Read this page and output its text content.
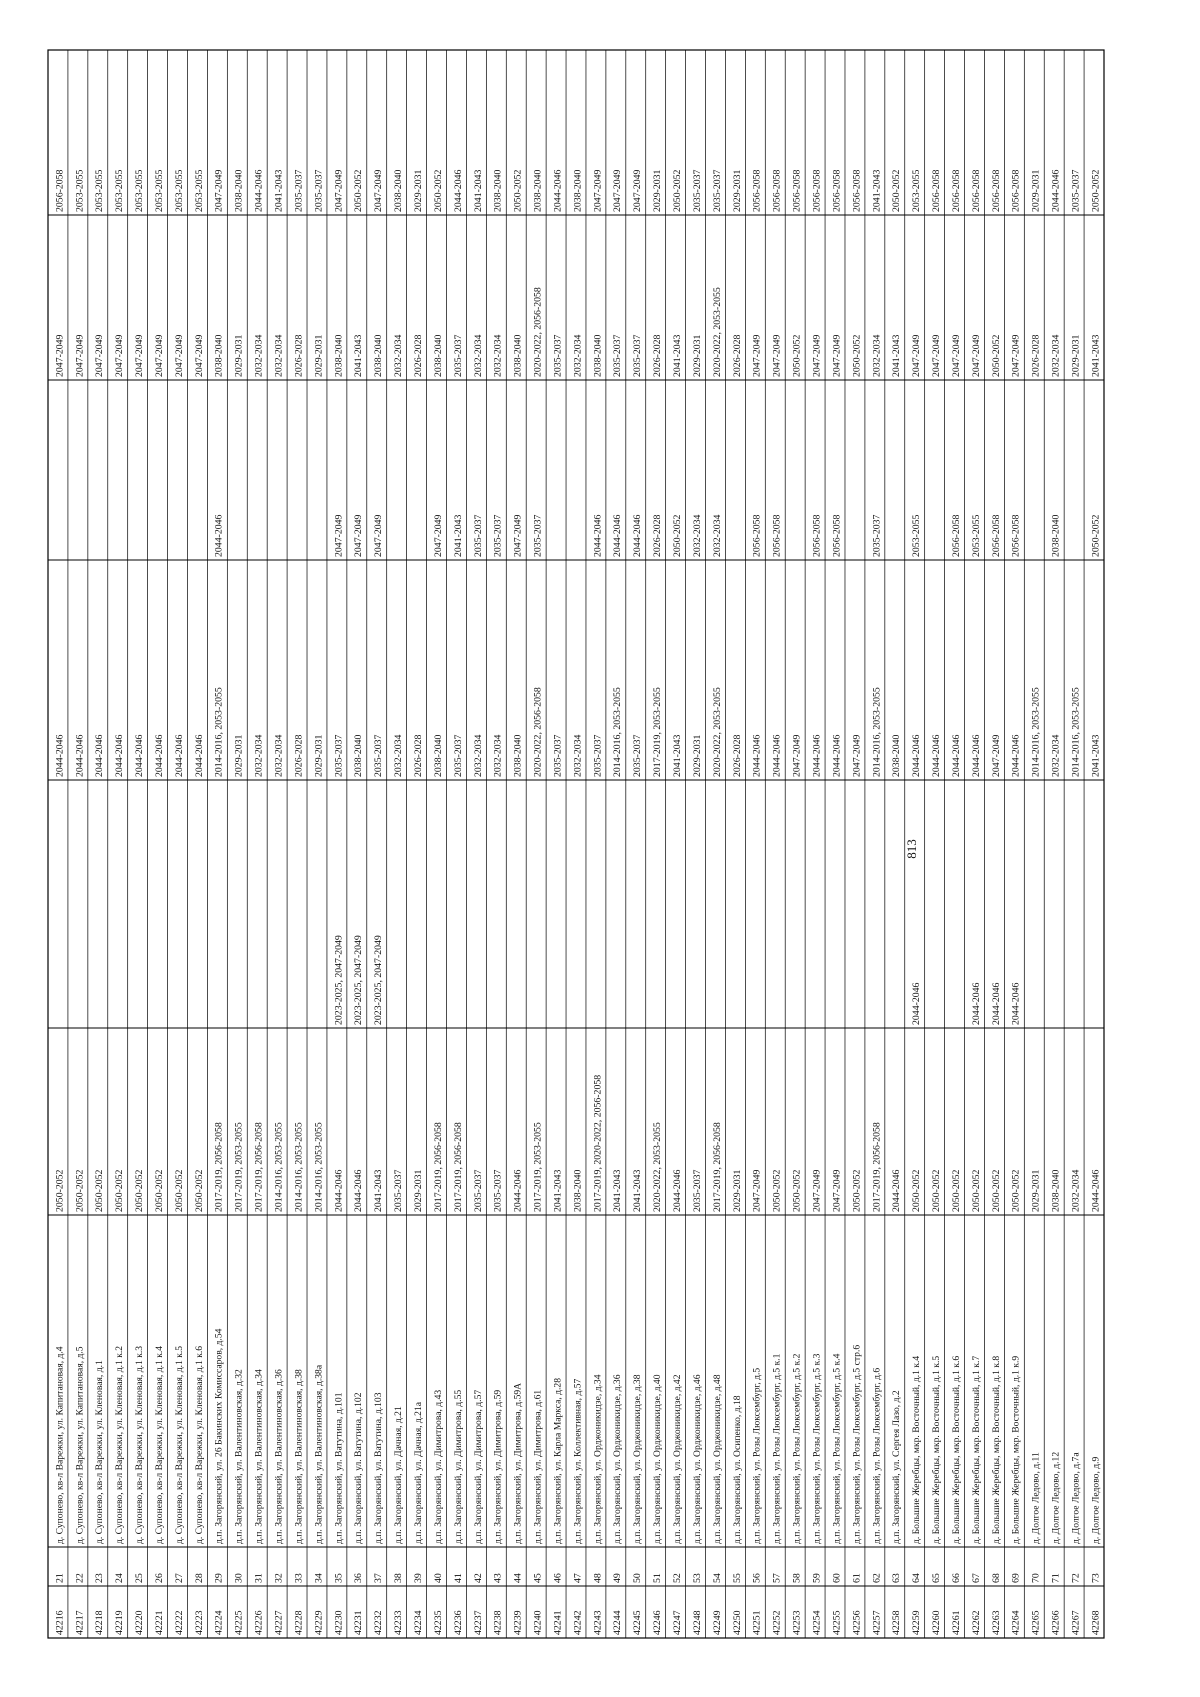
42216
21
д. Супонево, кв-л Варежки, ул. Капитановая, д.4
2050-2052
2044-2046
2047-2049
2056-2058
42217
22
д. Супонево, кв-л Варежки, ул. Капитановая, д.5
2050-2052
2044-2046
2047-2049
2053-2055
42218
23
д. Супонево, кв-л Варежки, ул. Кленовая, д.1
2050-2052
2044-2046
2047-2049
2053-2055
42219
24
д. Супонево, кв-л Варежки, ул. Кленовая, д.1 к.2
2050-2052
2044-2046
2047-2049
2053-2055
42220
25
д. Супонево, кв-л Варежки, ул. Кленовая, д.1 к.3
2050-2052
2044-2046
2047-2049
2053-2055
42221
26
д. Супонево, кв-л Варежки, ул. Кленовая, д.1 к.4
2050-2052
2044-2046
2047-2049
2053-2055
42222
27
д. Супонево, кв-л Варежки, ул. Кленовая, д.1 к.5
2050-2052
2044-2046
2047-2049
2053-2055
42223
28
д. Супонево, кв-л Варежки, ул. Кленовая, д.1 к.6
2050-2052
2044-2046
2047-2049
2053-2055
42224
29
д.п. Загорянский, ул. 26 Бакинских Комиссаров, д.54
2017-2019, 2056-2058
2014-2016, 2053-2055
2044-2046
2038-2040
2047-2049
42225
30
д.п. Загорянский, ул. Валентиновская, д.32
2017-2019, 2053-2055
2029-2031
2029-2031
2038-2040
42226
31
д.п. Загорянский, ул. Валентиновская, д.34
2017-2019, 2056-2058
2032-2034
2032-2034
2044-2046
42227
32
д.п. Загорянский, ул. Валентиновская, д.36
2014-2016, 2053-2055
2032-2034
2032-2034
2041-2043
42228
33
д.п. Загорянский, ул. Валентиновская, д.38
2014-2016, 2053-2055
2026-2028
2026-2028
2035-2037
42229
34
д.п. Загорянский, ул. Валентиновская, д.38а
2014-2016, 2053-2055
2029-2031
2029-2031
2035-2037
42230
35
д.п. Загорянский, ул. Ватутина, д.101
2044-2046
2023-2025, 2047-2049
2035-2037
2047-2049
2038-2040
2047-2049
42231
36
д.п. Загорянский, ул. Ватутина, д.102
2044-2046
2023-2025, 2047-2049
2038-2040
2047-2049
2041-2043
2050-2052
42232
37
д.п. Загорянский, ул. Ватутина, д.103
2041-2043
2023-2025, 2047-2049
2035-2037
2047-2049
2038-2040
2047-2049
42233
38
д.п. Загорянский, ул. Дачная, д.21
2035-2037
2032-2034
2032-2034
2038-2040
42234
39
д.п. Загорянский, ул. Дачная, д.21а
2029-2031
2026-2028
2026-2028
2029-2031
42235
40
д.п. Загорянский, ул. Димитрова, д.43
2017-2019, 2056-2058
2038-2040
2047-2049
2038-2040
2050-2052
42236
41
д.п. Загорянский, ул. Димитрова, д.55
2017-2019, 2056-2058
2035-2037
2041-2043
2035-2037
2044-2046
42237
42
д.п. Загорянский, ул. Димитрова, д.57
2035-2037
2032-2034
2035-2037
2032-2034
2041-2043
42238
43
д.п. Загорянский, ул. Димитрова, д.59
2035-2037
2032-2034
2035-2037
2032-2034
2038-2040
42239
44
д.п. Загорянский, ул. Димитрова, д.59А
2044-2046
2038-2040
2047-2049
2038-2040
2050-2052
42240
45
д.п. Загорянский, ул. Димитрова, д.61
2017-2019, 2053-2055
2020-2022, 2056-2058
2035-2037
2020-2022, 2056-2058
2038-2040
42241
46
д.п. Загорянский, ул. Карла Маркса, д.28
2041-2043
2035-2037
2035-2037
2044-2046
42242
47
д.п. Загорянский, ул. Коллективная, д.57
2038-2040
2032-2034
2032-2034
2038-2040
42243
48
д.п. Загорянский, ул. Орджоникидзе, д.34
2017-2019, 2020-2022, 2056-2058
2035-2037
2044-2046
2038-2040
2047-2049
42244
49
д.п. Загорянский, ул. Орджоникидзе, д.36
2041-2043
2014-2016, 2053-2055
2044-2046
2035-2037
2047-2049
42245
50
д.п. Загорянский, ул. Орджоникидзе, д.38
2041-2043
2035-2037
2044-2046
2035-2037
2047-2049
42246
51
д.п. Загорянский, ул. Орджоникидзе, д.40
2020-2022, 2053-2055
2017-2019, 2053-2055
2026-2028
2026-2028
2029-2031
42247
52
д.п. Загорянский, ул. Орджоникидзе, д.42
2044-2046
2041-2043
2050-2052
2041-2043
2050-2052
42248
53
д.п. Загорянский, ул. Орджоникидзе, д.46
2035-2037
2029-2031
2032-2034
2029-2031
2035-2037
42249
54
д.п. Загорянский, ул. Орджоникидзе, д.48
2017-2019, 2056-2058
2020-2022, 2053-2055
2032-2034
2020-2022, 2053-2055
2035-2037
42250
55
д.п. Загорянский, ул. Осипенко, д.18
2029-2031
2026-2028
2026-2028
2029-2031
42251
56
д.п. Загорянский, ул. Розы Люксембург, д.5
2047-2049
2044-2046
2056-2058
2047-2049
2056-2058
42252
57
д.п. Загорянский, ул. Розы Люксембург, д.5 к.1
2050-2052
2044-2046
2056-2058
2047-2049
2056-2058
42253
58
д.п. Загорянский, ул. Розы Люксембург, д.5 к.2
2050-2052
2047-2049
2050-2052
2056-2058
42254
59
д.п. Загорянский, ул. Розы Люксембург, д.5 к.3
2047-2049
2044-2046
2056-2058
2047-2049
2056-2058
42255
60
д.п. Загорянский, ул. Розы Люксембург, д.5 к.4
2047-2049
2044-2046
2056-2058
2047-2049
2056-2058
42256
61
д.п. Загорянский, ул. Розы Люксембург, д.5 стр.6
2050-2052
2047-2049
2050-2052
2056-2058
42257
62
д.п. Загорянский, ул. Розы Люксембург, д.6
2017-2019, 2056-2058
2014-2016, 2053-2055
2035-2037
2032-2034
2041-2043
42258
63
д.п. Загорянский, ул. Сергея Лазо, д.2
2044-2046
2038-2040
2041-2043
2050-2052
42259
64
д. Большие Жеребцы, мкр. Восточный, д.1 к.4
2050-2052
2044-2046
2044-2046
2053-2055
2047-2049
2053-2055
42260
65
д. Большие Жеребцы, мкр. Восточный, д.1 к.5
2050-2052
2044-2046
2047-2049
2056-2058
42261
66
д. Большие Жеребцы, мкр. Восточный, д.1 к.6
2050-2052
2044-2046
2056-2058
2047-2049
2056-2058
42262
67
д. Большие Жеребцы, мкр. Восточный, д.1 к.7
2050-2052
2044-2046
2044-2046
2053-2055
2047-2049
2056-2058
42263
68
д. Большие Жеребцы, мкр. Восточный, д.1 к.8
2050-2052
2044-2046
2047-2049
2056-2058
2050-2052
2056-2058
42264
69
д. Большие Жеребцы, мкр. Восточный, д.1 к.9
2050-2052
2044-2046
2044-2046
2056-2058
2047-2049
2056-2058
42265
70
д. Долгое Ледово, д.11
2029-2031
2014-2016, 2053-2055
2026-2028
2029-2031
42266
71
д. Долгое Ледово, д.12
2038-2040
2032-2034
2038-2040
2032-2034
2044-2046
42267
72
д. Долгое Ледово, д.7а
2032-2034
2014-2016, 2053-2055
2029-2031
2035-2037
42268
73
д. Долгое Ледово, д.9
2044-2046
2041-2043
2050-2052
2041-2043
2050-2052
813
